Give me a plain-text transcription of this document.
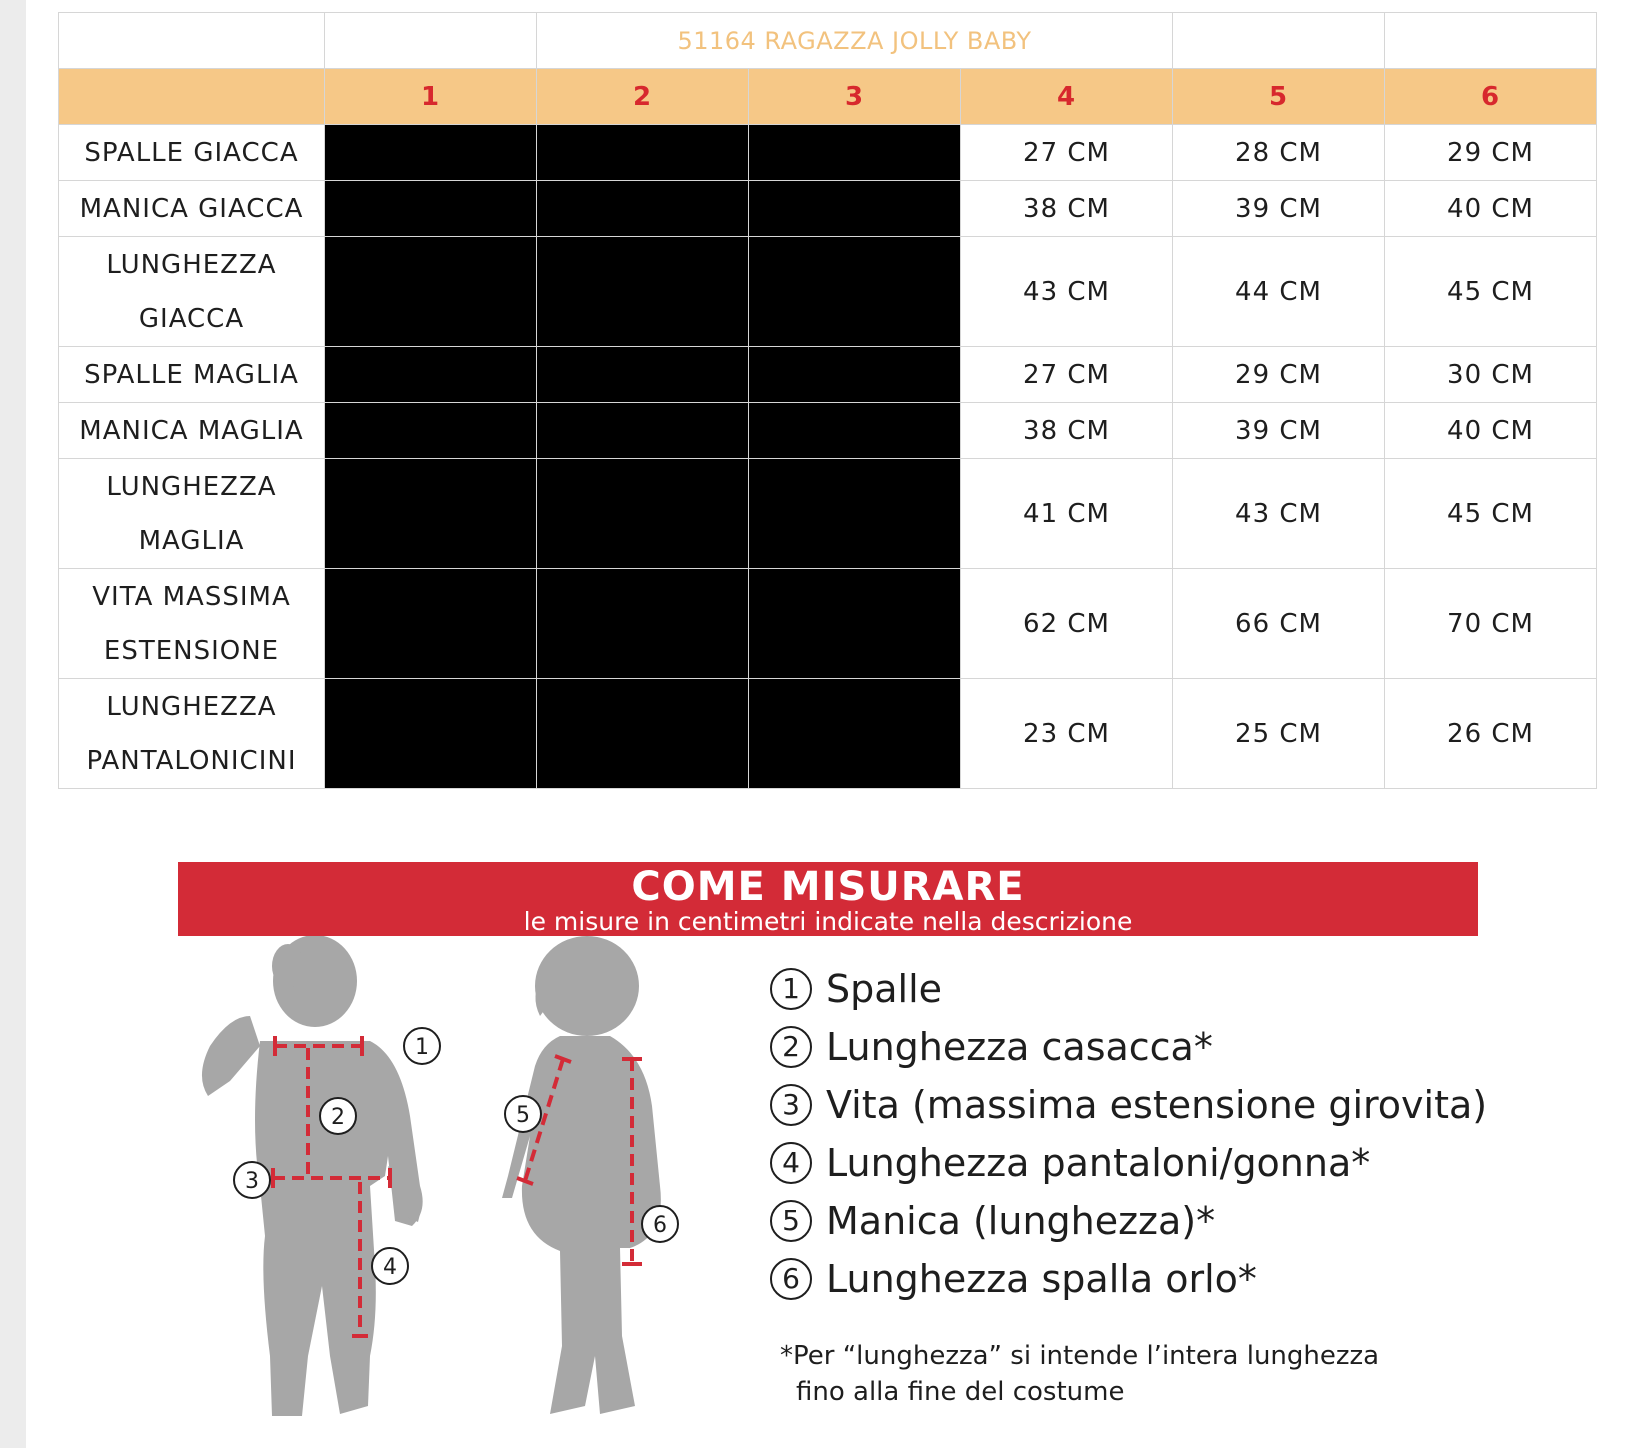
		51164 RAGAZZA JOLLY BABY				
	1	2	3	4	5	6

SPALLE GIACCA				27 CM	28 CM	29 CM

MANICA GIACCA				38 CM	39 CM	40 CM

LUNGHEZZA
GIACCA				43 CM	44 CM	45 CM

SPALLE MAGLIA				27 CM	29 CM	30 CM

MANICA MAGLIA				38 CM	39 CM	40 CM

LUNGHEZZA
MAGLIA				41 CM	43 CM	45 CM

VITA MASSIMA
ESTENSIONE				62 CM	66 CM	70 CM

LUNGHEZZA
PANTALONICINI				23 CM	25 CM	26 CM
COME MISURARE
le misure in centimetri indicate nella descrizione
1
2
3
4
5
6
1 Spalle
2 Lunghezza casacca*
3 Vita (massima estensione girovita)
4 Lunghezza pantaloni/gonna*
5 Manica (lunghezza)*
6 Lunghezza spalla orlo*
*Per “lunghezza” si intende l’intera lunghezza
fino alla fine del costume
